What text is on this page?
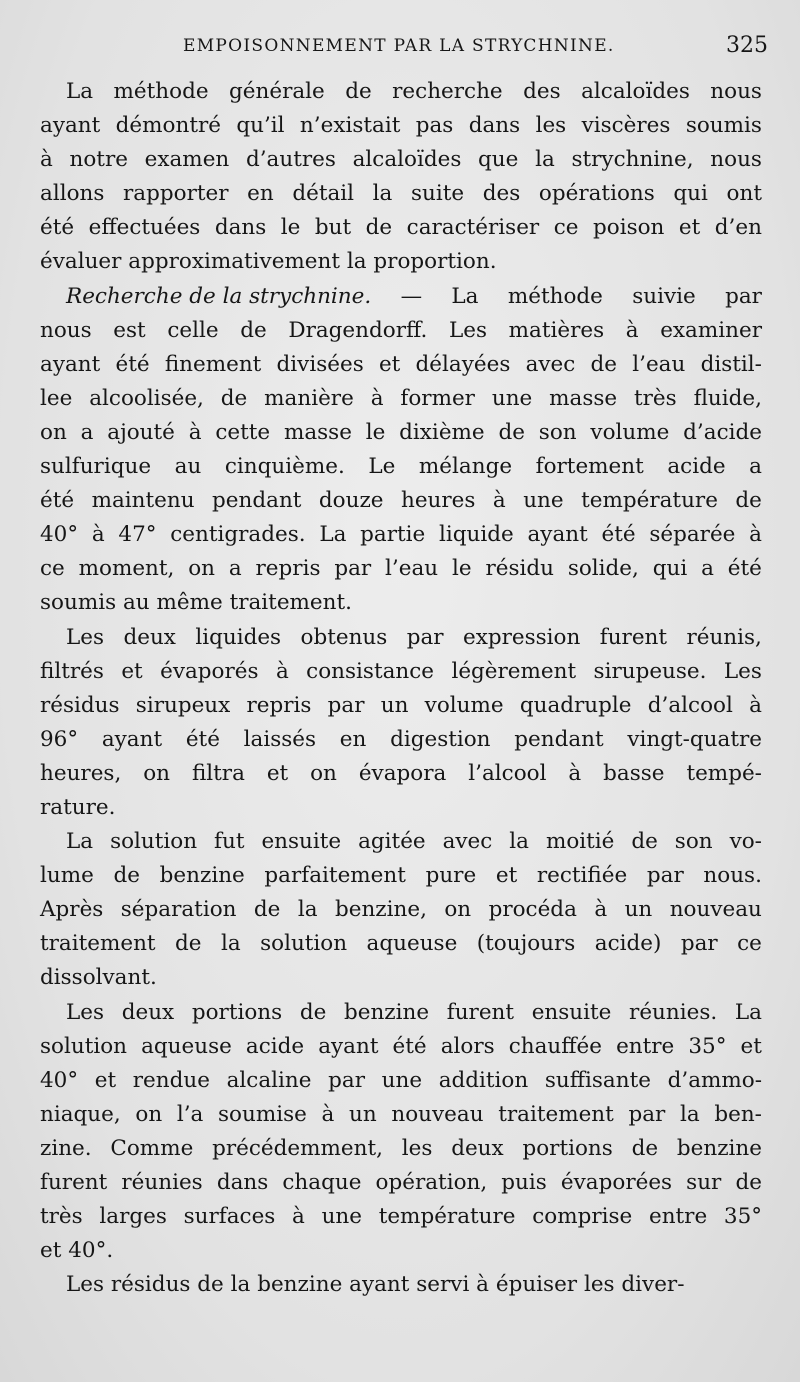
EMPOISONNEMENT PAR LA STRYCHNINE.	325
La méthode générale de recherche des alcaloïdes nous
ayant démontré qu’il n’existait pas dans les viscères soumis
à notre examen d’autres alcaloïdes que la strychnine, nous
allons rapporter en détail la suite des opérations qui ont
été effectuées dans le but de caractériser ce poison et d’en
évaluer approximativement la proportion.
Recherche de la strychnine. — La méthode suivie par
nous est celle de Dragendorff. Les matières à examiner
ayant été finement divisées et délayées avec de l’eau distil-
lee alcoolisée, de manière à former une masse très fluide,
on a ajouté à cette masse le dixième de son volume d’acide
sulfurique au cinquième. Le mélange fortement acide a
été maintenu pendant douze heures à une température de
40° à 47° centigrades. La partie liquide ayant été séparée à
ce moment, on a repris par l’eau le résidu solide, qui a été
soumis au même traitement.
Les deux liquides obtenus par expression furent réunis,
filtrés et évaporés à consistance légèrement sirupeuse. Les
résidus sirupeux repris par un volume quadruple d’alcool à
96° ayant été laissés en digestion pendant vingt-quatre
heures, on filtra et on évapora l’alcool à basse tempé-
rature.
La solution fut ensuite agitée avec la moitié de son vo-
lume de benzine parfaitement pure et rectifiée par nous.
Après séparation de la benzine, on procéda à un nouveau
traitement de la solution aqueuse (toujours acide) par ce
dissolvant.
Les deux portions de benzine furent ensuite réunies. La
solution aqueuse acide ayant été alors chauffée entre 35° et
40° et rendue alcaline par une addition suffisante d’ammo-
niaque, on l’a soumise à un nouveau traitement par la ben-
zine. Comme précédemment, les deux portions de benzine
furent réunies dans chaque opération, puis évaporées sur de
très larges surfaces à une température comprise entre 35°
et 40°.
Les résidus de la benzine ayant servi à épuiser les diver-
